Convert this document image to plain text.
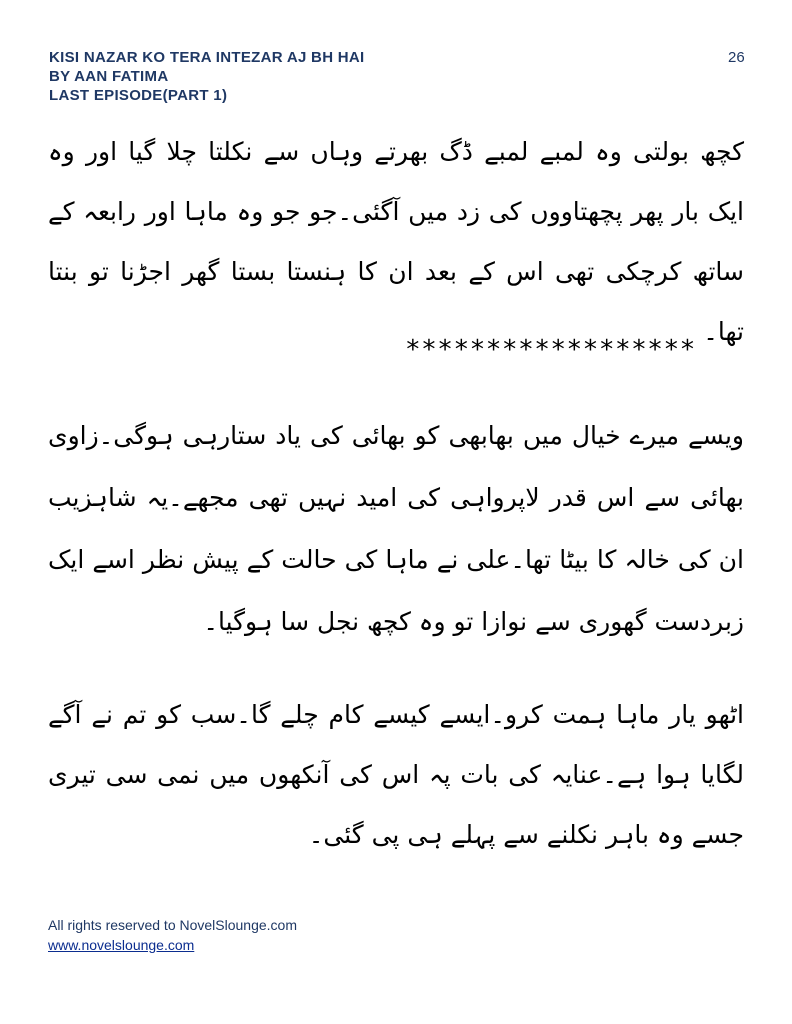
KISI NAZAR KO TERA INTEZAR AJ BH HAI
BY AAN FATIMA
LAST EPISODE(PART 1)
26

کچھ بولتی وہ لمبے لمبے ڈگ بھرتے وہاں سے نکلتا چلا گیا اور وہ ایک بار پھر پچھتاووں کی زد میں آگئی۔جو جو وہ ماہا اور رابعہ کے ساتھ کرچکی تھی اس کے بعد ان کا ہنستا بستا گھر اجڑنا تو بنتا تھا۔

******************

ویسے میرے خیال میں بھابھی کو بھائی کی یاد ستارہی ہوگی۔زاوی بھائی سے اس قدر لاپرواہی کی امید نہیں تھی مجھے۔یہ شاہزیب ان کی خالہ کا بیٹا تھا۔علی نے ماہا کی حالت کے پیش نظر اسے ایک زبردست گھوری سے نوازا تو وہ کچھ نجل سا ہوگیا۔

اٹھو یار ماہا ہمت کرو۔ایسے کیسے کام چلے گا۔سب کو تم نے آگے لگایا ہوا ہے۔عنایہ کی بات پہ اس کی آنکھوں میں نمی سی تیری جسے وہ باہر نکلنے سے پہلے ہی پی گئی۔

All rights reserved to NovelSlounge.com
www.novelslounge.com
